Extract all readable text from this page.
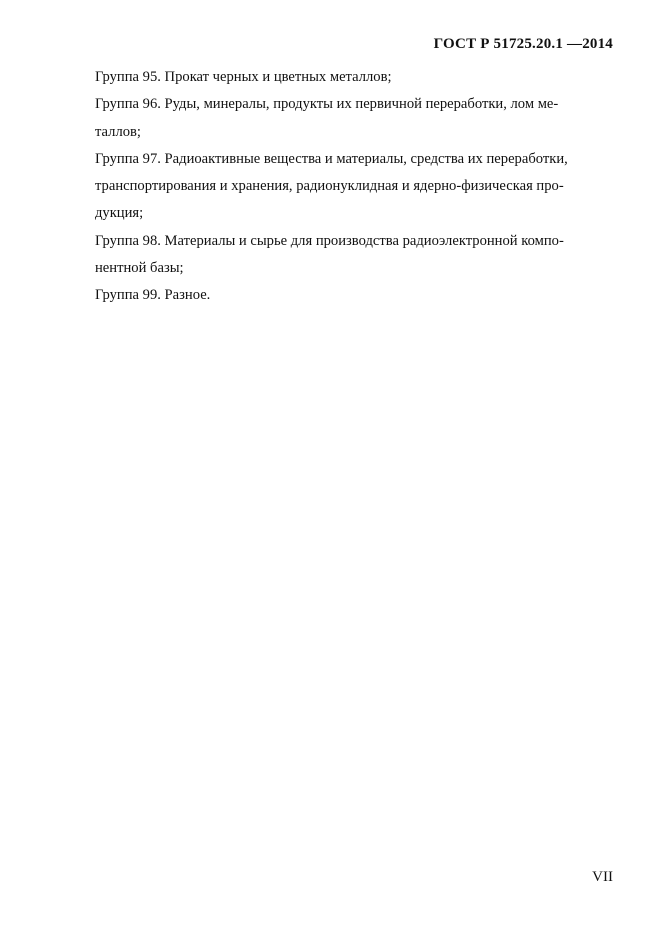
ГОСТ Р 51725.20.1 —2014
Группа 95. Прокат черных и цветных металлов;
Группа 96. Руды, минералы, продукты их первичной переработки, лом ме-
таллов;
Группа 97. Радиоактивные вещества и материалы, средства их переработки,
транспортирования и хранения, радионуклидная и ядерно-физическая про-
дукция;
Группа 98. Материалы и сырье для производства радиоэлектронной компо-
нентной базы;
Группа 99. Разное.
VII
